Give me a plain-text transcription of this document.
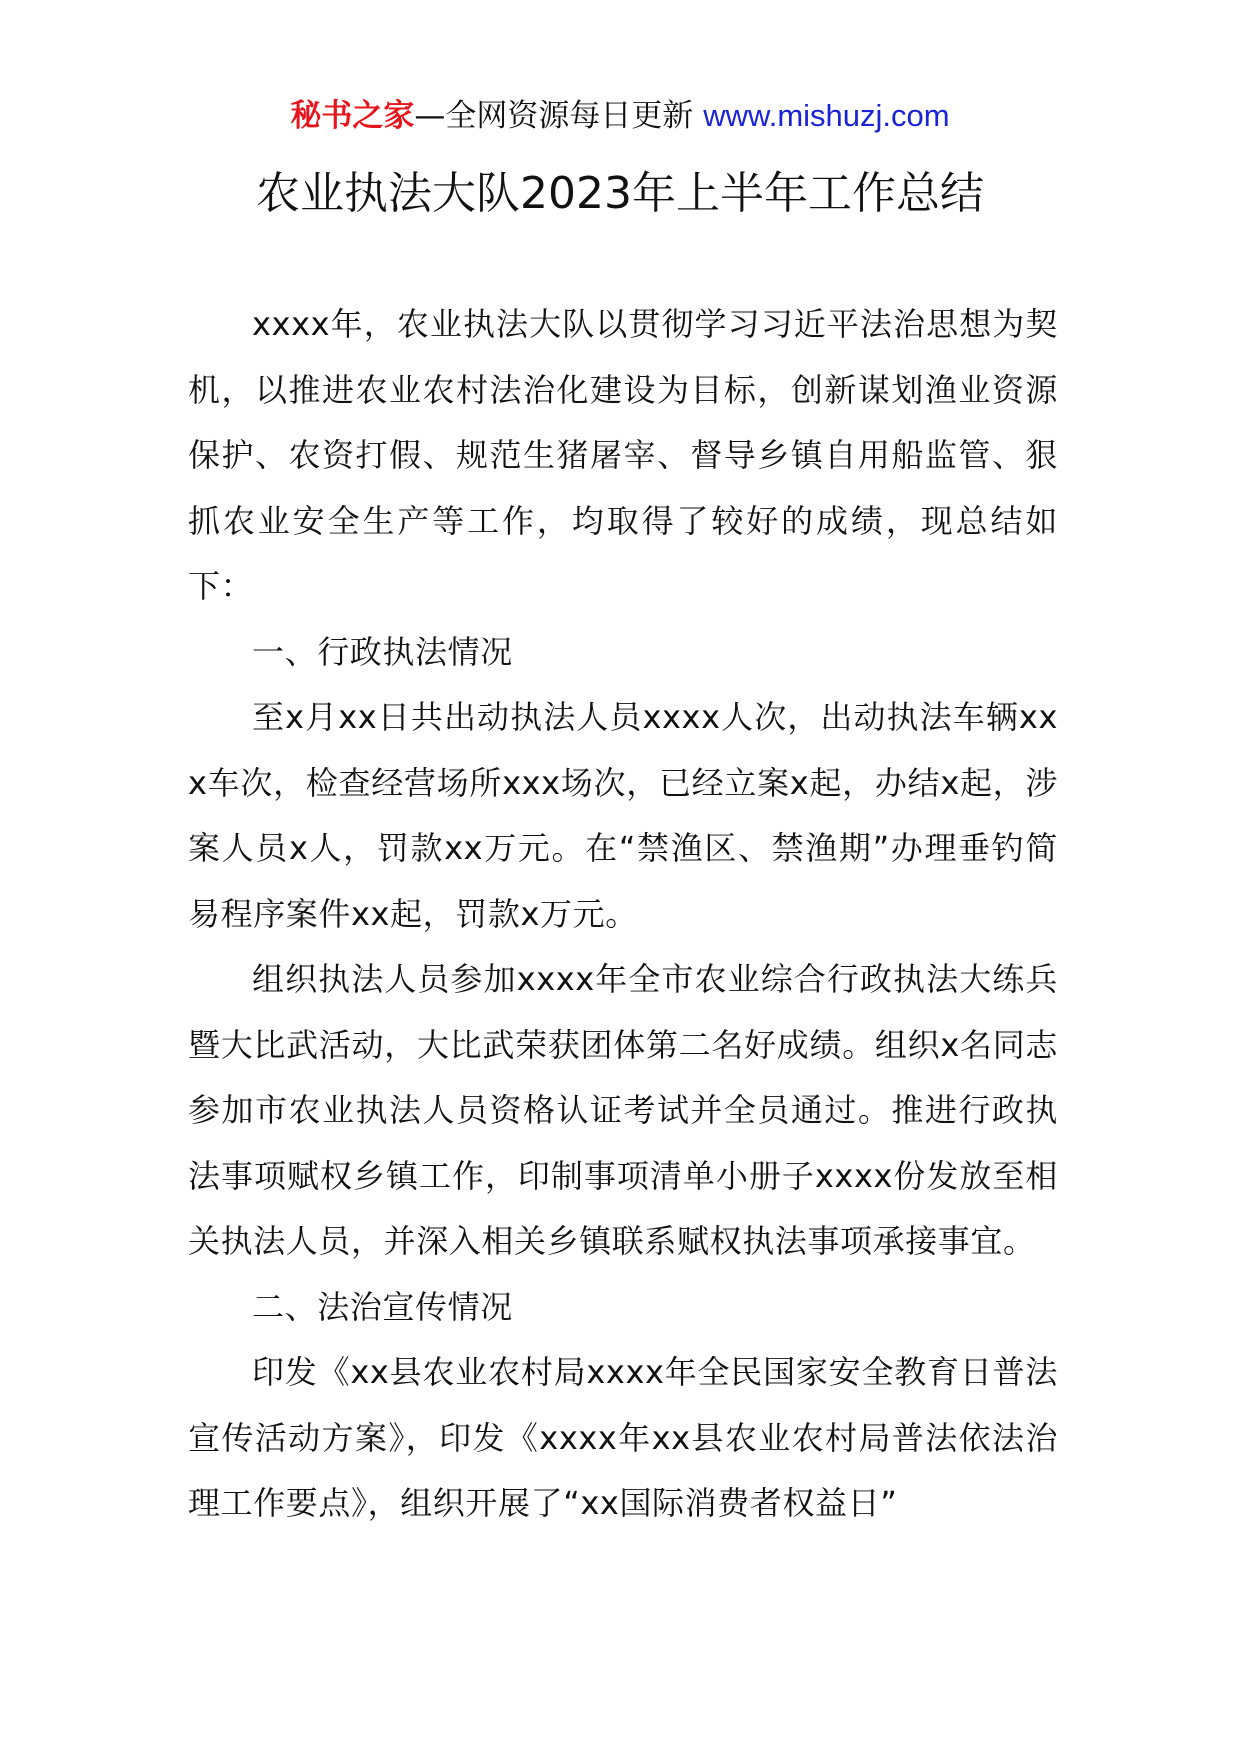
秘书之家—全网资源每日更新 www.mishuzj.com
农业执法大队2023年上半年工作总结

xxxx年，农业执法大队以贯彻学习习近平法治思想为契机，以推进农业农村法治化建设为目标，创新谋划渔业资源保护、农资打假、规范生猪屠宰、督导乡镇自用船监管、狠抓农业安全生产等工作，均取得了较好的成绩，现总结如下：

一、行政执法情况

至x月xx日共出动执法人员xxxx人次，出动执法车辆xxx车次，检查经营场所xxx场次，已经立案x起，办结x起，涉案人员x人，罚款xx万元。在“禁渔区、禁渔期”办理垂钓简易程序案件xx起，罚款x万元。

组织执法人员参加xxxx年全市农业综合行政执法大练兵暨大比武活动，大比武荣获团体第二名好成绩。组织x名同志参加市农业执法人员资格认证考试并全员通过。推进行政执法事项赋权乡镇工作，印制事项清单小册子xxxx份发放至相关执法人员，并深入相关乡镇联系赋权执法事项承接事宜。

二、法治宣传情况

印发《xx县农业农村局xxxx年全民国家安全教育日普法宣传活动方案》，印发《xxxx年xx县农业农村局普法依法治理工作要点》，组织开展了“xx国际消费者权益日”
